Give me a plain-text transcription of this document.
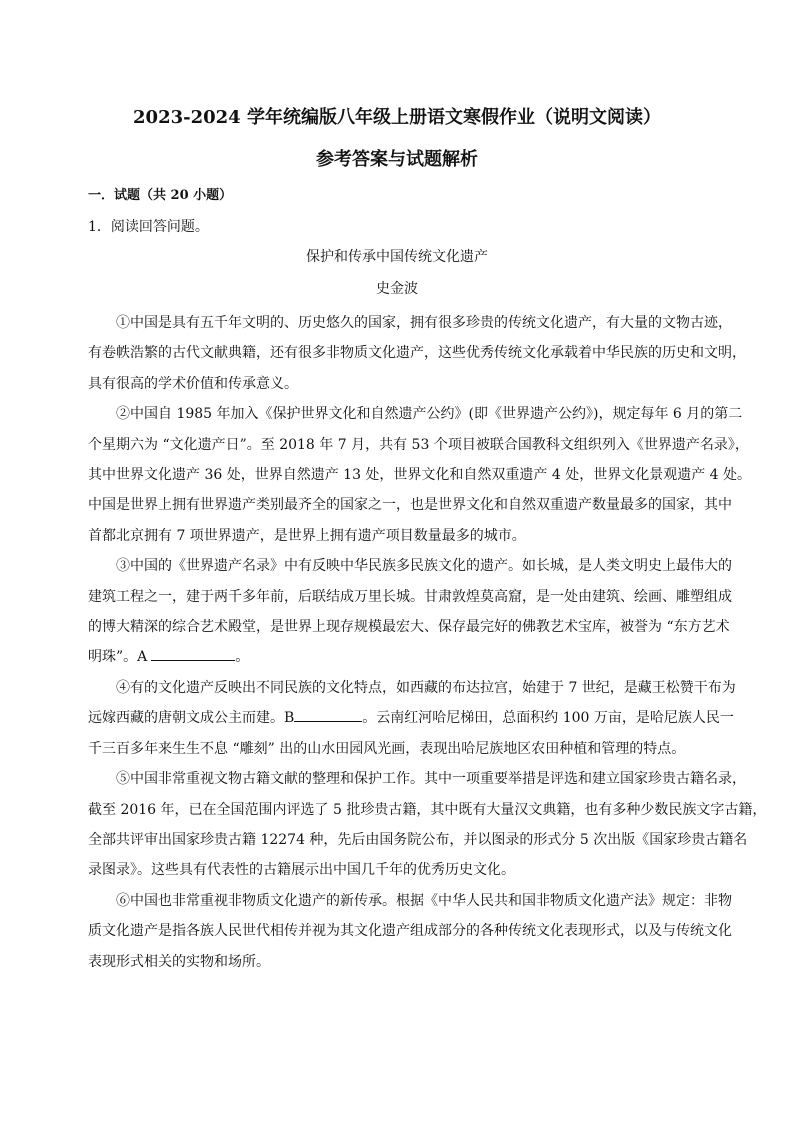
2023-2024 学年统编版八年级上册语文寒假作业（说明文阅读）
参考答案与试题解析
一．试题（共 20 小题）
1．阅读回答问题。
保护和传承中国传统文化遗产
史金波

①中国是具有五千年文明的、历史悠久的国家，拥有很多珍贵的传统文化遗产，有大量的文物古迹，
有卷帙浩繁的古代文献典籍，还有很多非物质文化遗产，这些优秀传统文化承载着中华民族的历史和文明，
具有很高的学术价值和传承意义。

②中国自 1985 年加入《保护世界文化和自然遗产公约》(即《世界遗产公约》)，规定每年 6 月的第二
个星期六为 “文化遗产日”。至 2018 年 7 月，共有 53 个项目被联合国教科文组织列入《世界遗产名录》，
其中世界文化遗产 36 处，世界自然遗产 13 处，世界文化和自然双重遗产 4 处，世界文化景观遗产 4 处。
中国是世界上拥有世界遗产类别最齐全的国家之一，也是世界文化和自然双重遗产数量最多的国家，其中
首都北京拥有 7 项世界遗产，是世界上拥有遗产项目数量最多的城市。

③中国的《世界遗产名录》中有反映中华民族多民族文化的遗产。如长城，是人类文明史上最伟大的
建筑工程之一，建于两千多年前，后联结成万里长城。甘肃敦煌莫高窟，是一处由建筑、绘画、雕塑组成
的博大精深的综合艺术殿堂，是世界上现存规模最宏大、保存最完好的佛教艺术宝库，被誉为 “东方艺术
明珠”。A	。

④有的文化遗产反映出不同民族的文化特点，如西藏的布达拉宫，始建于 7 世纪，是藏王松赞干布为
远嫁西藏的唐朝文成公主而建。B	。云南红河哈尼梯田，总面积约 100 万亩，是哈尼族人民一
千三百多年来生生不息 “雕刻” 出的山水田园风光画，表现出哈尼族地区农田种植和管理的特点。

⑤中国非常重视文物古籍文献的整理和保护工作。其中一项重要举措是评选和建立国家珍贵古籍名录，
截至 2016 年，已在全国范围内评选了 5 批珍贵古籍，其中既有大量汉文典籍，也有多种少数民族文字古籍，
全部共评审出国家珍贵古籍 12274 种，先后由国务院公布，并以图录的形式分 5 次出版《国家珍贵古籍名
录图录》。这些具有代表性的古籍展示出中国几千年的优秀历史文化。

⑥中国也非常重视非物质文化遗产的新传承。根据《中华人民共和国非物质文化遗产法》规定：非物
质文化遗产是指各族人民世代相传并视为其文化遗产组成部分的各种传统文化表现形式，以及与传统文化
表现形式相关的实物和场所。
